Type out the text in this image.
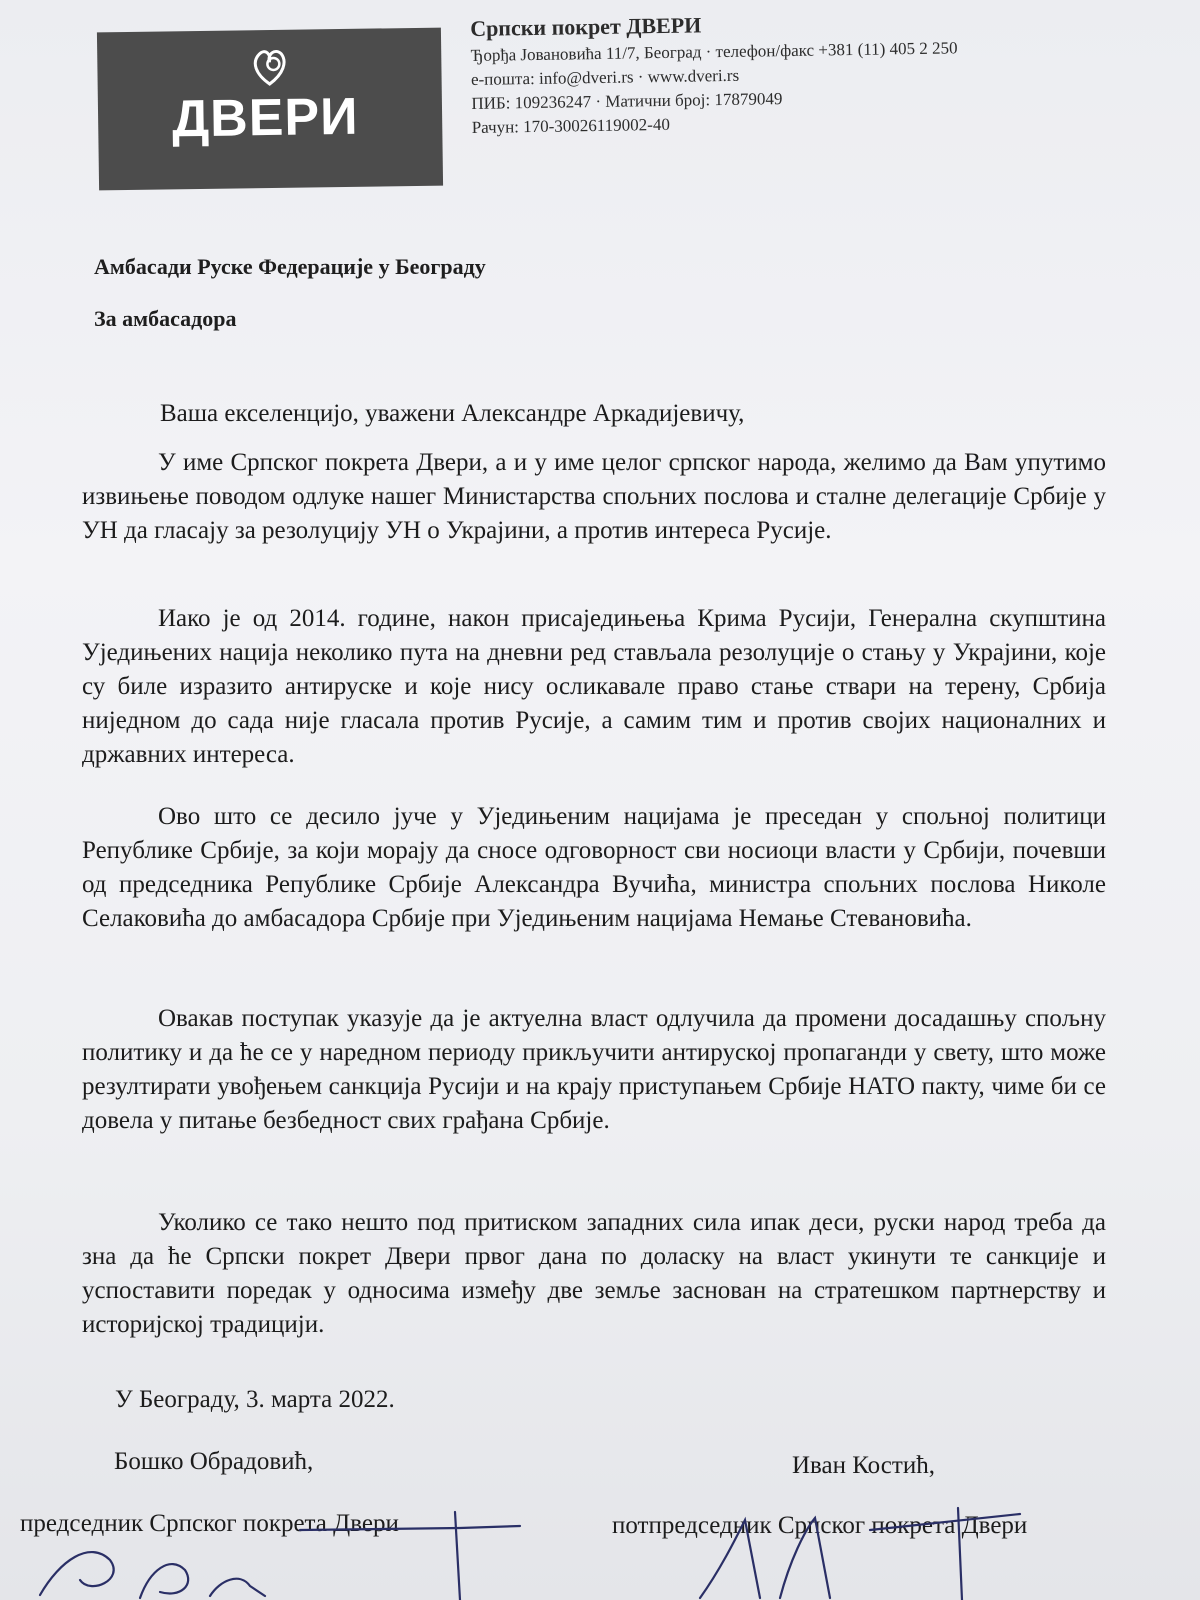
ДВЕРИ
Српски покрет ДВЕРИ
Ђорђа Јовановића 11/7, Београд · телефон/факс +381 (11) 405 2 250
е-пошта: info@dveri.rs · www.dveri.rs
ПИБ: 109236247 · Матични број: 17879049
Рачун: 170-30026119002-40
Амбасади Руске Федерације у Београду
За амбасадора
Ваша екселенцијо, уважени Александре Аркадијевичу,

У име Српског покрета Двери, а и у име целог српског народа, желимо да Вам упутимо извињење поводом одлуке нашег Министарства спољних послова и сталне делегације Србије у УН да гласају за резолуцију УН о Украјини, а против интереса Русије.

Иако је од 2014. године, након присаједињења Крима Русији, Генерална скупштина Уједињених нација неколико пута на дневни ред стављала резолуције о стању у Украјини, које су биле изразито антируске и које нису осликавале право стање ствари на терену, Србија ниједном до сада није гласала против Русије, а самим тим и против својих националних и државних интереса.

Ово што се десило јуче у Уједињеним нацијама је преседан у спољној политици Републике Србије, за који морају да сносе одговорност сви носиоци власти у Србији, почевши од председника Републике Србије Александра Вучића, министра спољних послова Николе Селаковића до амбасадора Србије при Уједињеним нацијама Немање Стевановића.

Овакав поступак указује да је актуелна власт одлучила да промени досадашњу спољну политику и да ће се у наредном периоду прикључити антируској пропаганди у свету, што може резултирати увођењем санкција Русији и на крају приступањем Србије НАТО пакту, чиме би се довела у питање безбедност свих грађана Србије.

Уколико се тако нешто под притиском западних сила ипак деси, руски народ треба да зна да ће Српски покрет Двери првог дана по доласку на власт укинути те санкције и успоставити поредак у односима између две земље заснован на стратешком партнерству и историјској традицији.

У Београду, 3. марта 2022.
Бошко Обрадовић,
председник Српског покрета Двери
Иван Костић,
потпредседник Српског покрета Двери
